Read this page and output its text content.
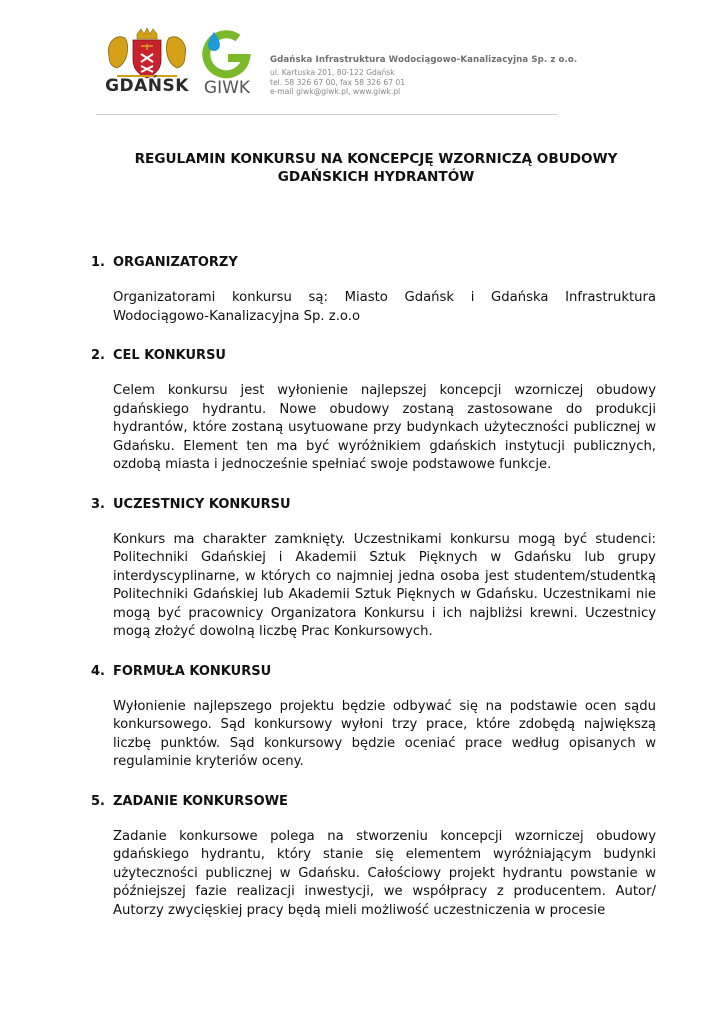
GDAŃSK GIWK
Gdańska Infrastruktura Wodociągowo-Kanalizacyjna Sp. z o.o.
ul. Kartuska 201, 80-122 Gdańsk
tel. 58 326 67 00, fax 58 326 67 01
e-mail giwk@giwk.pl, www.giwk.pl
REGULAMIN KONKURSU NA KONCEPCJĘ WZORNICZĄ OBUDOWY
GDAŃSKICH HYDRANTÓW
1. ORGANIZATORZY
Organizatorami konkursu są: Miasto Gdańsk i Gdańska Infrastruktura Wodociągowo-Kanalizacyjna Sp. z.o.o
2. CEL KONKURSU
Celem konkursu jest wyłonienie najlepszej koncepcji wzorniczej obudowy gdańskiego hydrantu. Nowe obudowy zostaną zastosowane do produkcji hydrantów, które zostaną usytuowane przy budynkach użyteczności publicznej w Gdańsku. Element ten ma być wyróżnikiem gdańskich instytucji publicznych, ozdobą miasta i jednocześnie spełniać swoje podstawowe funkcje.
3. UCZESTNICY KONKURSU
Konkurs ma charakter zamknięty. Uczestnikami konkursu mogą być studenci: Politechniki Gdańskiej i Akademii Sztuk Pięknych w Gdańsku lub grupy interdyscyplinarne, w których co najmniej jedna osoba jest studentem/studentką Politechniki Gdańskiej lub Akademii Sztuk Pięknych w Gdańsku. Uczestnikami nie mogą być pracownicy Organizatora Konkursu i ich najbliżsi krewni. Uczestnicy mogą złożyć dowolną liczbę Prac Konkursowych.
4. FORMUŁA KONKURSU
Wyłonienie najlepszego projektu będzie odbywać się na podstawie ocen sądu konkursowego. Sąd konkursowy wyłoni trzy prace, które zdobędą największą liczbę punktów. Sąd konkursowy będzie oceniać prace według opisanych w regulaminie kryteriów oceny.
5. ZADANIE KONKURSOWE
Zadanie konkursowe polega na stworzeniu koncepcji wzorniczej obudowy gdańskiego hydrantu, który stanie się elementem wyróżniającym budynki użyteczności publicznej w Gdańsku. Całościowy projekt hydrantu powstanie w późniejszej fazie realizacji inwestycji, we współpracy z producentem. Autor/ Autorzy zwycięskiej pracy będą mieli możliwość uczestniczenia w procesie
